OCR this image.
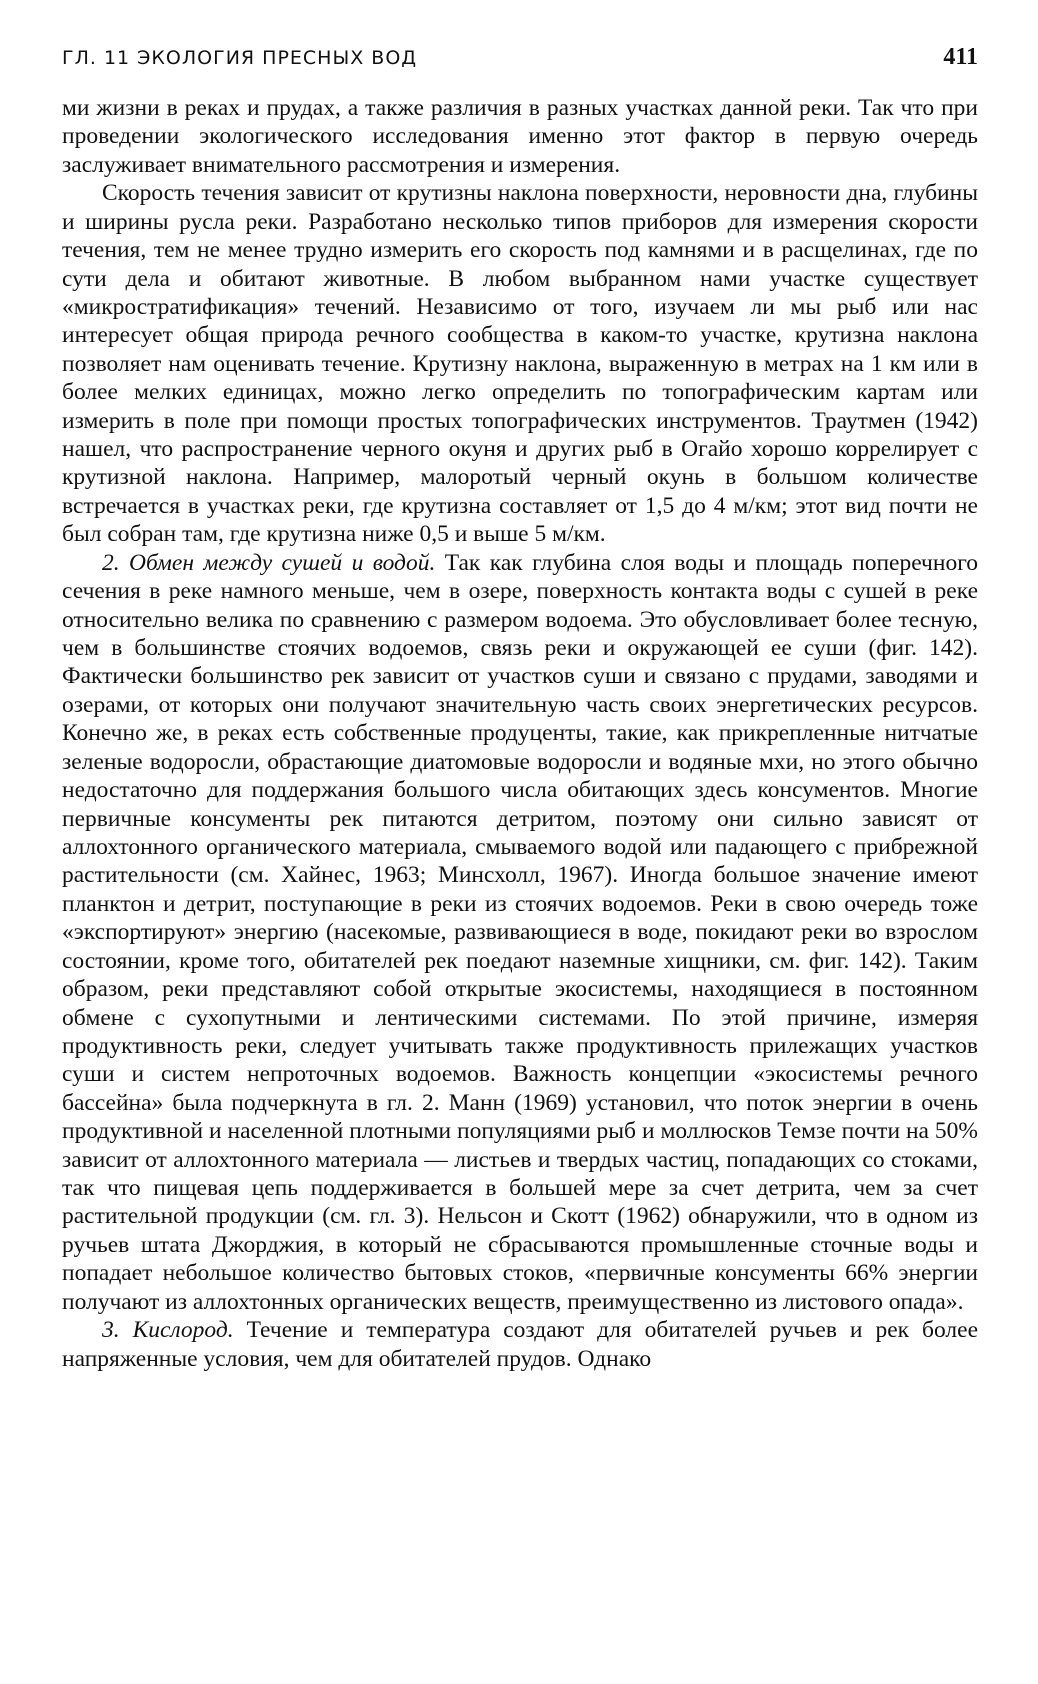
ГЛ. 11 ЭКОЛОГИЯ ПРЕСНЫХ ВОД	411

ми жизни в реках и прудах, а также различия в разных участках данной реки. Так что при проведении экологического исследования именно этот фактор в первую очередь заслуживает внимательного рассмотрения и измерения.

Скорость течения зависит от крутизны наклона поверхности, неровности дна, глубины и ширины русла реки. Разработано несколько типов приборов для измерения скорости течения, тем не менее трудно измерить его скорость под камнями и в расщелинах, где по сути дела и обитают животные. В любом выбранном нами участке существует «микростратификация» течений. Независимо от того, изучаем ли мы рыб или нас интересует общая природа речного сообщества в каком-то участке, крутизна наклона позволяет нам оценивать течение. Крутизну наклона, выраженную в метрах на 1 км или в более мелких единицах, можно легко определить по топографическим картам или измерить в поле при помощи простых топографических инструментов. Траутмен (1942) нашел, что распространение черного окуня и других рыб в Огайо хорошо коррелирует с крутизной наклона. Например, малоротый черный окунь в большом количестве встречается в участках реки, где крутизна составляет от 1,5 до 4 м/км; этот вид почти не был собран там, где крутизна ниже 0,5 и выше 5 м/км.

2. Обмен между сушей и водой. Так как глубина слоя воды и площадь поперечного сечения в реке намного меньше, чем в озере, поверхность контакта воды с сушей в реке относительно велика по сравнению с размером водоема. Это обусловливает более тесную, чем в большинстве стоячих водоемов, связь реки и окружающей ее суши (фиг. 142). Фактически большинство рек зависит от участков суши и связано с прудами, заводями и озерами, от которых они получают значительную часть своих энергетических ресурсов. Конечно же, в реках есть собственные продуценты, такие, как прикрепленные нитчатые зеленые водоросли, обрастающие диатомовые водоросли и водяные мхи, но этого обычно недостаточно для поддержания большого числа обитающих здесь консументов. Многие первичные консументы рек питаются детритом, поэтому они сильно зависят от аллохтонного органического материала, смываемого водой или падающего с прибрежной растительности (см. Хайнес, 1963; Минсхолл, 1967). Иногда большое значение имеют планктон и детрит, поступающие в реки из стоячих водоемов. Реки в свою очередь тоже «экспортируют» энергию (насекомые, развивающиеся в воде, покидают реки во взрослом состоянии, кроме того, обитателей рек поедают наземные хищники, см. фиг. 142). Таким образом, реки представляют собой открытые экосистемы, находящиеся в постоянном обмене с сухопутными и лентическими системами. По этой причине, измеряя продуктивность реки, следует учитывать также продуктивность прилежащих участков суши и систем непроточных водоемов. Важность концепции «экосистемы речного бассейна» была подчеркнута в гл. 2. Манн (1969) установил, что поток энергии в очень продуктивной и населенной плотными популяциями рыб и моллюсков Темзе почти на 50% зависит от аллохтонного материала — листьев и твердых частиц, попадающих со стоками, так что пищевая цепь поддерживается в большей мере за счет детрита, чем за счет растительной продукции (см. гл. 3). Нельсон и Скотт (1962) обнаружили, что в одном из ручьев штата Джорджия, в который не сбрасываются промышленные сточные воды и попадает небольшое количество бытовых стоков, «первичные консументы 66% энергии получают из аллохтонных органических веществ, преимущественно из листового опада».

3. Кислород. Течение и температура создают для обитателей ручьев и рек более напряженные условия, чем для обитателей прудов. Однако
